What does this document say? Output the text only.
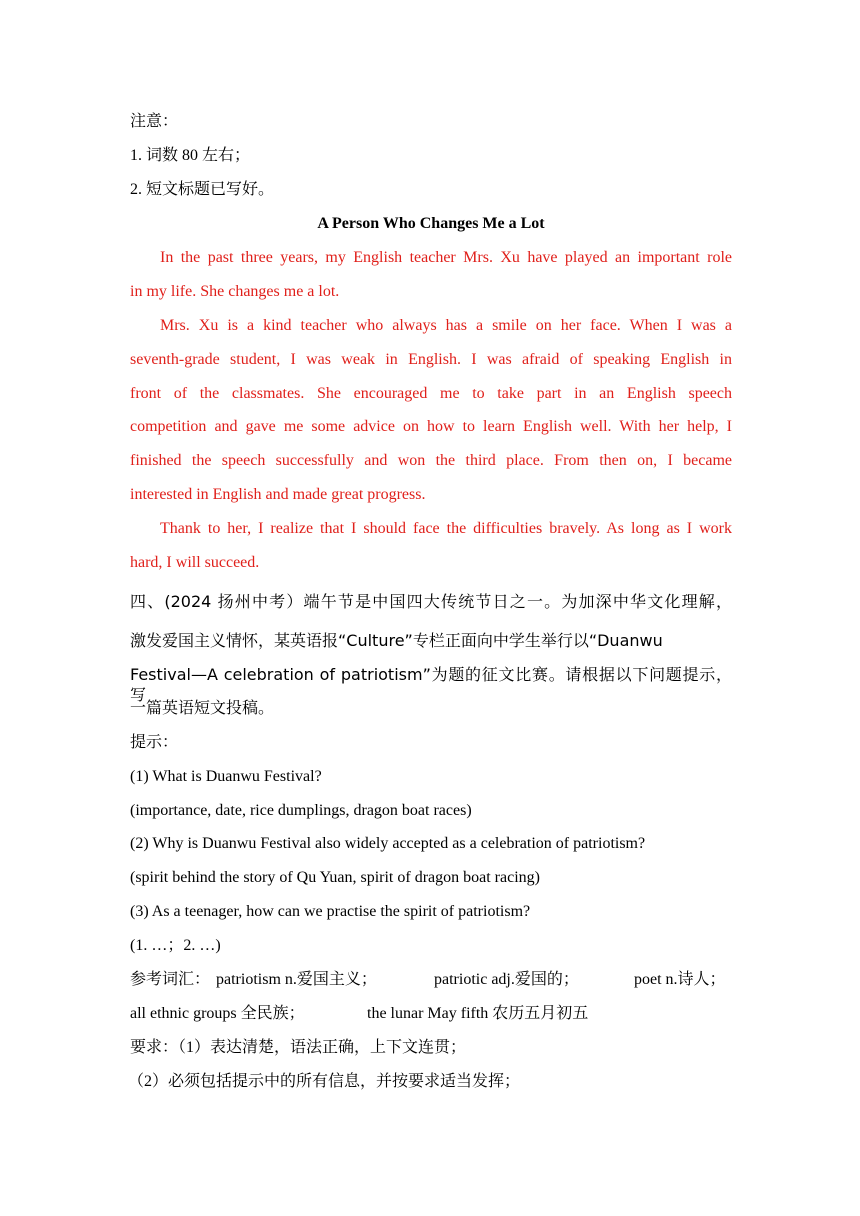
注意：
1. 词数 80 左右；
2. 短文标题已写好。
A Person Who Changes Me a Lot
In the past three years, my English teacher Mrs. Xu have played an important role
in my life. She changes me a lot.
Mrs. Xu is a kind teacher who always has a smile on her face. When I was a
seventh-grade student, I was weak in English. I was afraid of speaking English in
front of the classmates. She encouraged me to take part in an English speech
competition and gave me some advice on how to learn English well. With her help, I
finished the speech successfully and won the third place. From then on, I became
interested in English and made great progress.
Thank to her, I realize that I should face the difficulties bravely. As long as I work
hard, I will succeed.
四、(2024 扬州中考）端午节是中国四大传统节日之一。为加深中华文化理解，
激发爱国主义情怀，某英语报“Culture”专栏正面向中学生举行以“Duanwu
Festival—A celebration of patriotism”为题的征文比赛。请根据以下问题提示，写
一篇英语短文投稿。
提示：
(1) What is Duanwu Festival?
(importance, date, rice dumplings, dragon boat races)
(2) Why is Duanwu Festival also widely accepted as a celebration of patriotism?
(spirit behind the story of Qu Yuan, spirit of dragon boat racing)
(3) As a teenager, how can we practise the spirit of patriotism?
(1. …；2. …)
参考词汇： patriotism n.爱国主义；	patriotic adj.爱国的；	poet n.诗人；
all ethnic groups 全民族；	the lunar May fifth 农历五月初五
要求：（1）表达清楚，语法正确，上下文连贯；
（2）必须包括提示中的所有信息，并按要求适当发挥；
